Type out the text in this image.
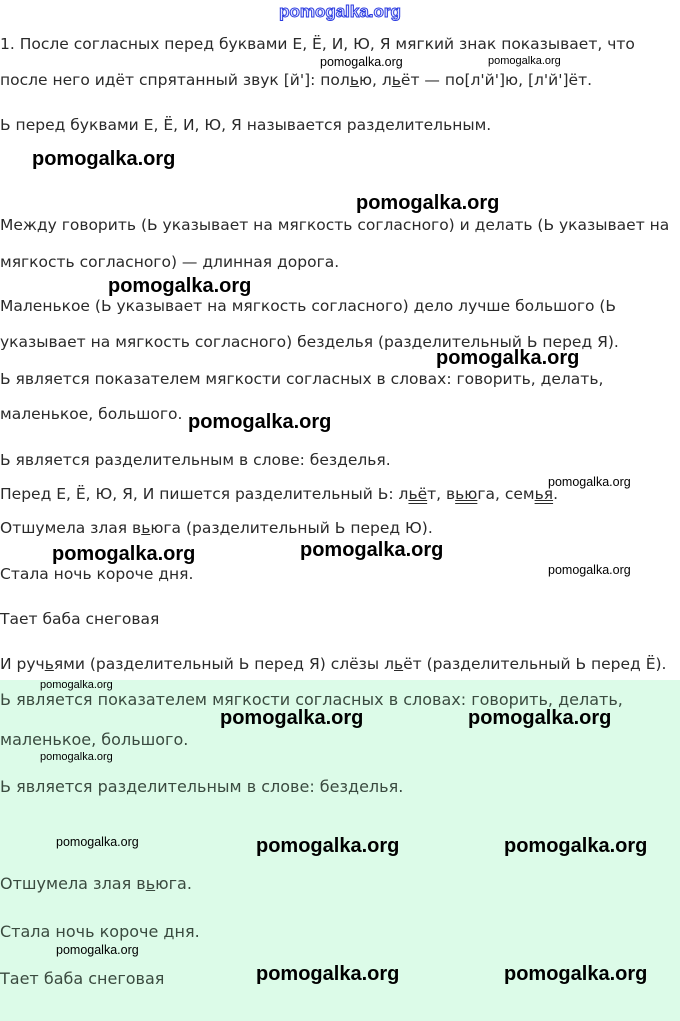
pomogalka.org
1. После согласных перед буквами Е, Ё, И, Ю, Я мягкий знак показывает, что
после него идёт спрятанный звук [й']: полью, льёт — по[л'й']ю, [л'й']ёт.
Ь перед буквами Е, Ё, И, Ю, Я называется разделительным.
Между говорить (Ь указывает на мягкость согласного) и делать (Ь указывает на
мягкость согласного) — длинная дорога.
Маленькое (Ь указывает на мягкость согласного) дело лучше большого (Ь
указывает на мягкость согласного) безделья (разделительный Ь перед Я).
Ь является показателем мягкости согласных в словах: говорить, делать,
маленькое, большого.
Ь является разделительным в слове: безделья.
Перед Е, Ё, Ю, Я, И пишется разделительный Ь: льёт, вьюга, семья.
Отшумела злая вьюга (разделительный Ь перед Ю).
Стала ночь короче дня.
Тает баба снеговая
И ручьями (разделительный Ь перед Я) слёзы льёт (разделительный Ь перед Ё).
Ь является показателем мягкости согласных в словах: говорить, делать,
маленькое, большого.
Ь является разделительным в слове: безделья.
Отшумела злая вьюга.
Стала ночь короче дня.
Тает баба снеговая
pomogalka.org	pomogalka.org
pomogalka.org
pomogalka.org
pomogalka.org
pomogalka.org
pomogalka.org
pomogalka.org
pomogalka.org	pomogalka.org
pomogalka.org
pomogalka.org
pomogalka.org	pomogalka.org
pomogalka.org
pomogalka.org	pomogalka.org	pomogalka.org
pomogalka.org
pomogalka.org	pomogalka.org
